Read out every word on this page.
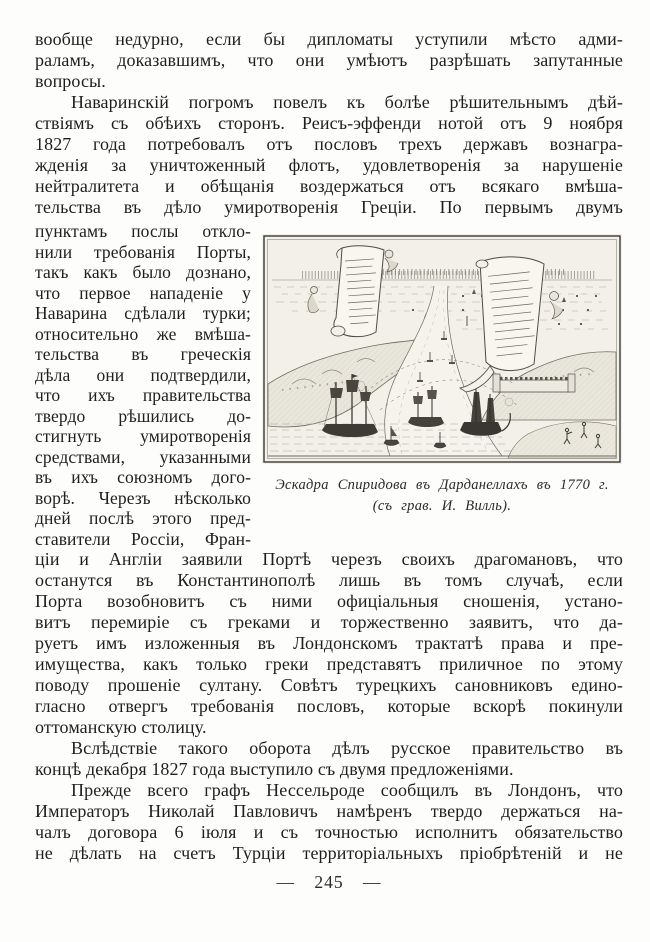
вообще недурно, если бы дипломаты уступили мѣсто адми-
раламъ, доказавшимъ, что они умѣютъ разрѣшать запутанные
вопросы.
Наваринскій погромъ повелъ къ болѣе рѣшительнымъ дѣй-
ствіямъ съ обѣихъ сторонъ. Реисъ-эффенди нотой отъ 9 ноября
1827 года потребовалъ отъ пословъ трехъ державъ вознагра-
жденія за уничтоженный флотъ, удовлетворенія за нарушеніе
нейтралитета и обѣщанія воздержаться отъ всякаго вмѣша-
тельства въ дѣло умиротворенія Греціи. По первымъ двумъ
пунктамъ послы откло-
нили требованія Порты,
такъ какъ было дознано,
что первое нападеніе у
Наварина сдѣлали турки;
относительно же вмѣша-
тельства въ греческія
дѣла они подтвердили,
что ихъ правительства
твердо рѣшились до-
стигнуть умиротворенія
средствами, указанными
въ ихъ союзномъ дого-
ворѣ. Черезъ нѣсколько
дней послѣ этого пред-
ставители Россіи, Фран-
Эскадра Спиридова въ Дарданеллахъ въ 1770 г.
(съ грав. И. Вилль).
ціи и Англіи заявили Портѣ черезъ своихъ драгомановъ, что
останутся въ Константинополѣ лишь въ томъ случаѣ, если
Порта возобновитъ съ ними офиціальныя сношенія, устано-
витъ перемиріе съ греками и торжественно заявитъ, что да-
руетъ имъ изложенныя въ Лондонскомъ трактатѣ права и пре-
имущества, какъ только греки представятъ приличное по этому
поводу прошеніе султану. Совѣтъ турецкихъ сановниковъ едино-
гласно отвергъ требованія пословъ, которые вскорѣ покинули
оттоманскую столицу.
Вслѣдствіе такого оборота дѣлъ русское правительство въ
концѣ декабря 1827 года выступило съ двумя предложеніями.
Прежде всего графъ Нессельроде сообщилъ въ Лондонъ, что
Императоръ Николай Павловичъ намѣренъ твердо держаться на-
чалъ договора 6 іюля и съ точностью исполнитъ обязательство
не дѣлать на счетъ Турціи территоріальныхъ пріобрѣтеній и не
— 245 —
